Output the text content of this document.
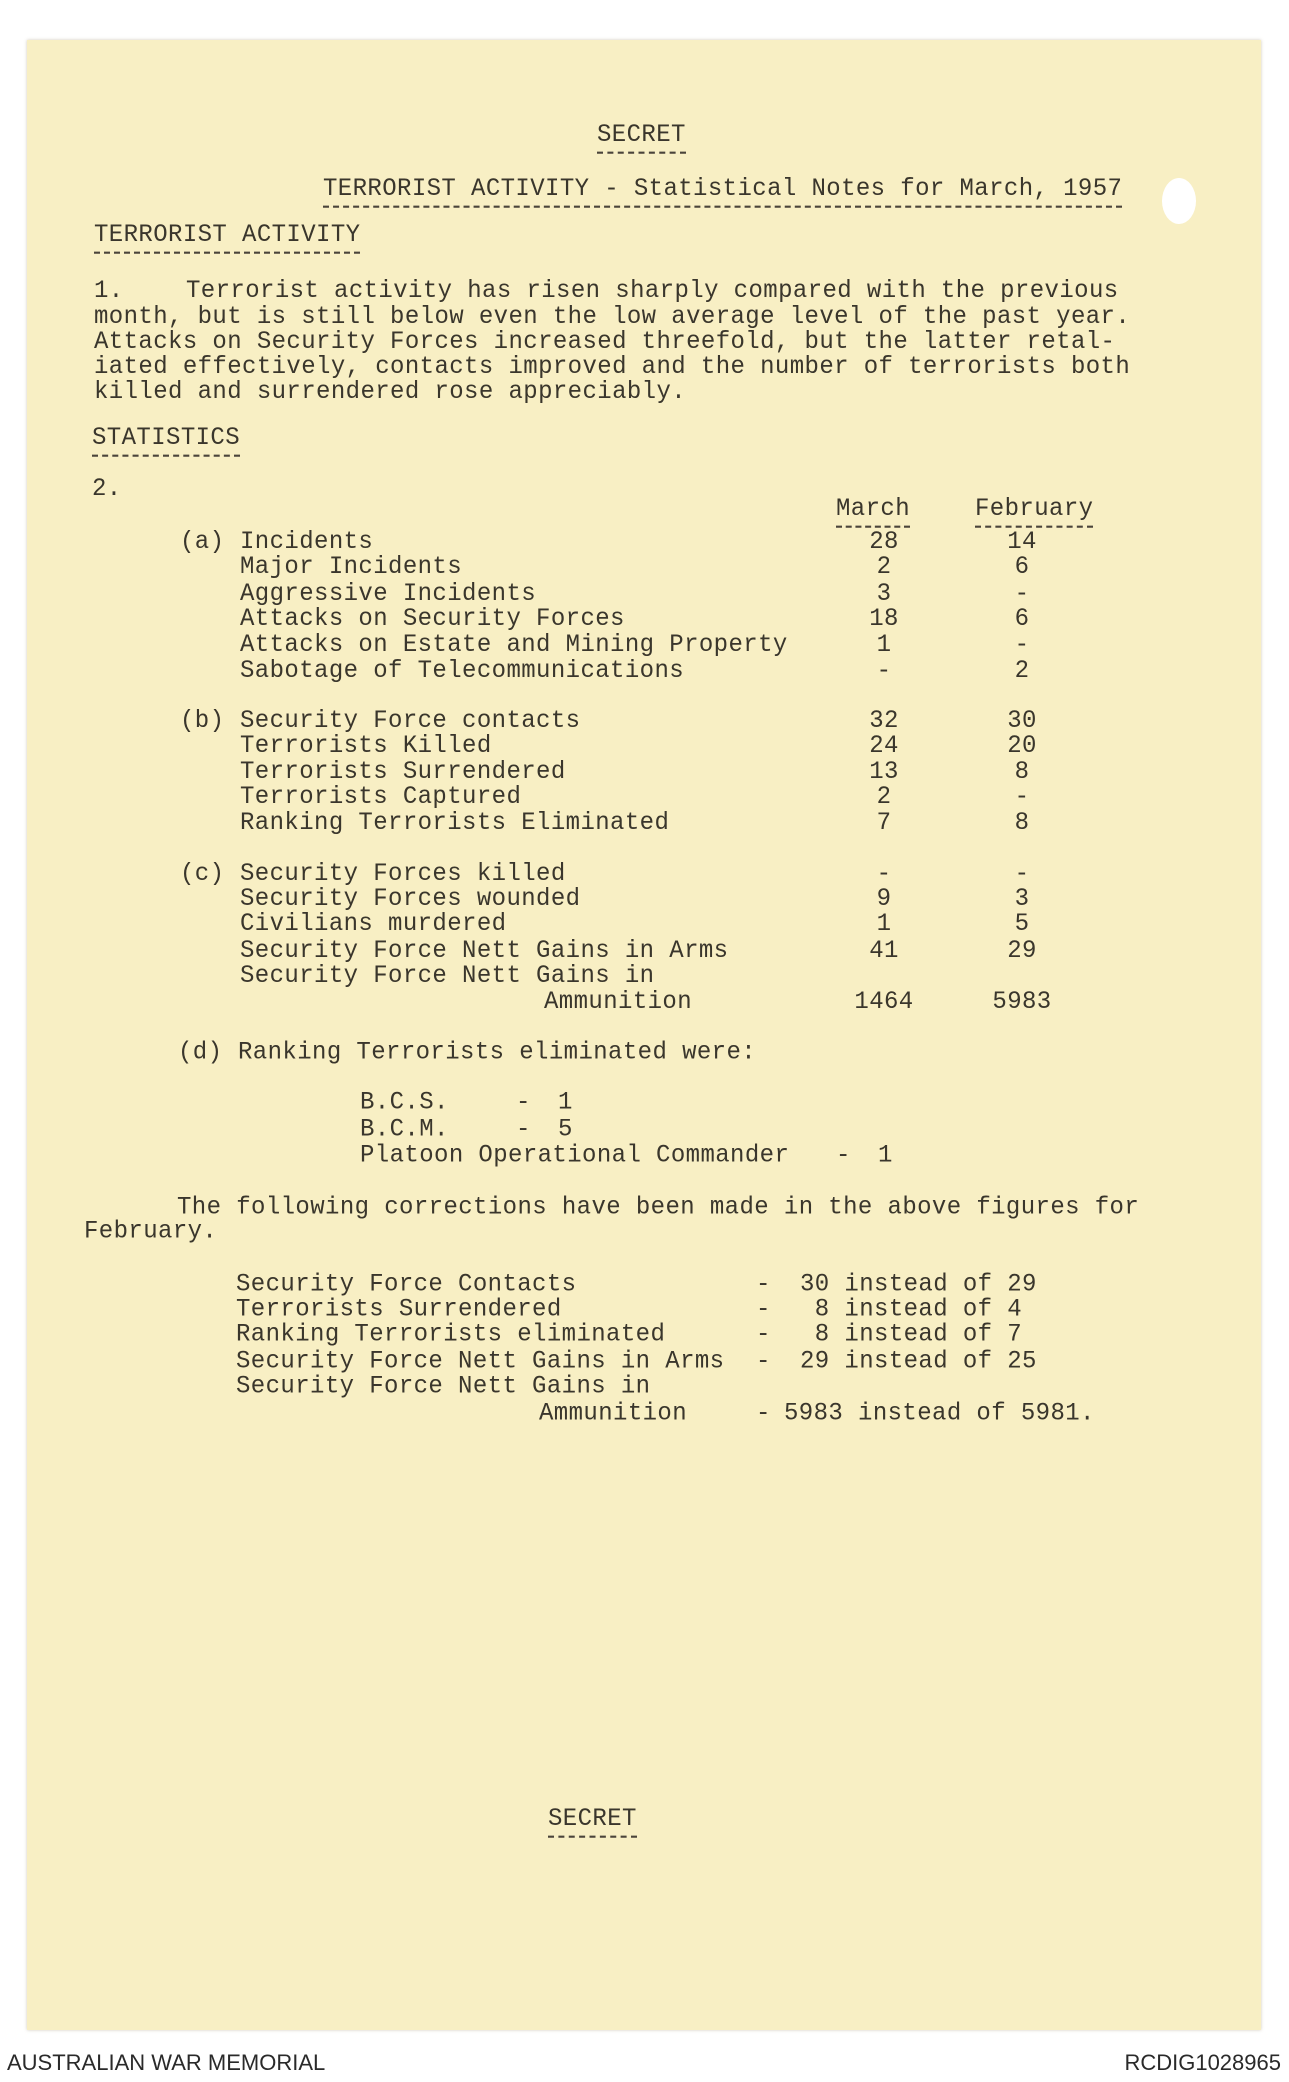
SECRET
TERRORIST ACTIVITY - Statistical Notes for March, 1957
TERRORIST ACTIVITY
1.	Terrorist activity has risen sharply compared with the previous
month, but is still below even the low average level of the past year.
Attacks on Security Forces increased threefold, but the latter retal-
iated effectively, contacts improved and the number of terrorists both
killed and surrendered rose appreciably.
STATISTICS
2.
March	February
(a) Incidents	28	14
Major Incidents	2	6
Aggressive Incidents	3	-
Attacks on Security Forces	18	6
Attacks on Estate and Mining Property	1	-
Sabotage of Telecommunications	-	2
(b) Security Force contacts	32	30
Terrorists Killed	24	20
Terrorists Surrendered	13	8
Terrorists Captured	2	-
Ranking Terrorists Eliminated	7	8
(c) Security Forces killed	-	-
Security Forces wounded	9	3
Civilians murdered	1	5
Security Force Nett Gains in Arms	41	29
Security Force Nett Gains in
Ammunition	1464	5983
(d) Ranking Terrorists eliminated were:
B.C.S.	- 1
B.C.M.	- 5
Platoon Operational Commander - 1
The following corrections have been made in the above figures for
February.
Security Force Contacts	- 30 instead of 29
Terrorists Surrendered	- 8 instead of 4
Ranking Terrorists eliminated	- 8 instead of 7
Security Force Nett Gains in Arms - 29 instead of 25
Security Force Nett Gains in
Ammunition	- 5983 instead of 5981.
SECRET
AUSTRALIAN WAR MEMORIAL	RCDIG1028965
